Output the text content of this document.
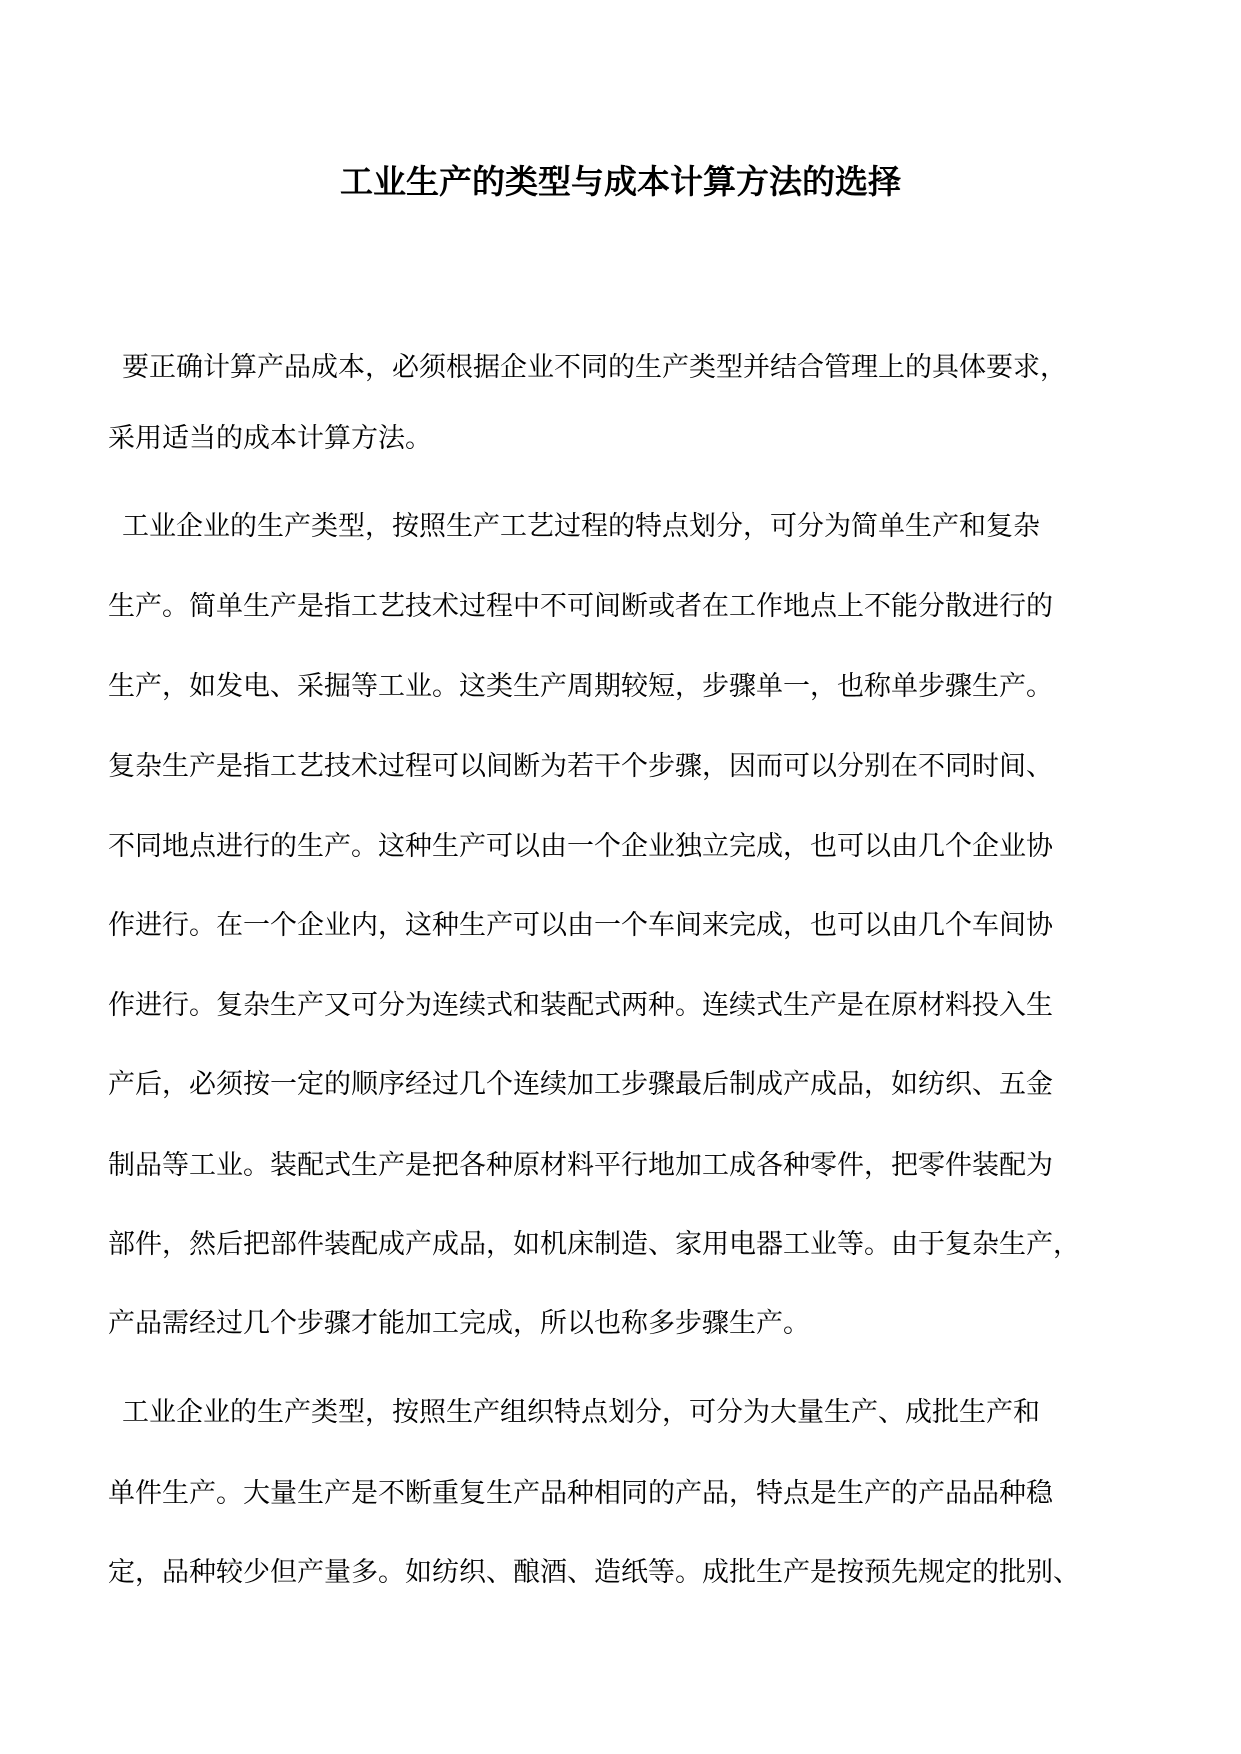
工业生产的类型与成本计算方法的选择

要正确计算产品成本，必须根据企业不同的生产类型并结合管理上的具体要求，

采用适当的成本计算方法。

工业企业的生产类型，按照生产工艺过程的特点划分，可分为简单生产和复杂

生产。简单生产是指工艺技术过程中不可间断或者在工作地点上不能分散进行的

生产，如发电、采掘等工业。这类生产周期较短，步骤单一，也称单步骤生产。

复杂生产是指工艺技术过程可以间断为若干个步骤，因而可以分别在不同时间、

不同地点进行的生产。这种生产可以由一个企业独立完成，也可以由几个企业协

作进行。在一个企业内，这种生产可以由一个车间来完成，也可以由几个车间协

作进行。复杂生产又可分为连续式和装配式两种。连续式生产是在原材料投入生

产后，必须按一定的顺序经过几个连续加工步骤最后制成产成品，如纺织、五金

制品等工业。装配式生产是把各种原材料平行地加工成各种零件，把零件装配为

部件，然后把部件装配成产成品，如机床制造、家用电器工业等。由于复杂生产，

产品需经过几个步骤才能加工完成，所以也称多步骤生产。

工业企业的生产类型，按照生产组织特点划分，可分为大量生产、成批生产和

单件生产。大量生产是不断重复生产品种相同的产品，特点是生产的产品品种稳

定，品种较少但产量多。如纺织、酿酒、造纸等。成批生产是按预先规定的批别、
